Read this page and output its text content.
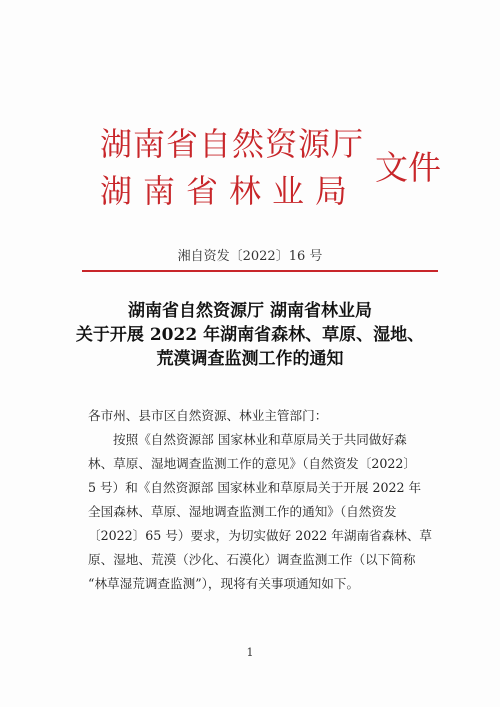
湖南省自然资源厅
湖南省林业局
文件
湘自资发〔2022〕16 号
湖南省自然资源厅 湖南省林业局
关于开展 2022 年湖南省森林、草原、湿地、
荒漠调查监测工作的通知
各市州、县市区自然资源、林业主管部门：
按照《自然资源部 国家林业和草原局关于共同做好森
林、草原、湿地调查监测工作的意见》（自然资发〔2022〕
5 号）和《自然资源部 国家林业和草原局关于开展 2022 年
全国森林、草原、湿地调查监测工作的通知》（自然资发
〔2022〕65 号）要求，为切实做好 2022 年湖南省森林、草
原、湿地、荒漠（沙化、石漠化）调查监测工作（以下简称
“林草湿荒调查监测”），现将有关事项通知如下。
1
